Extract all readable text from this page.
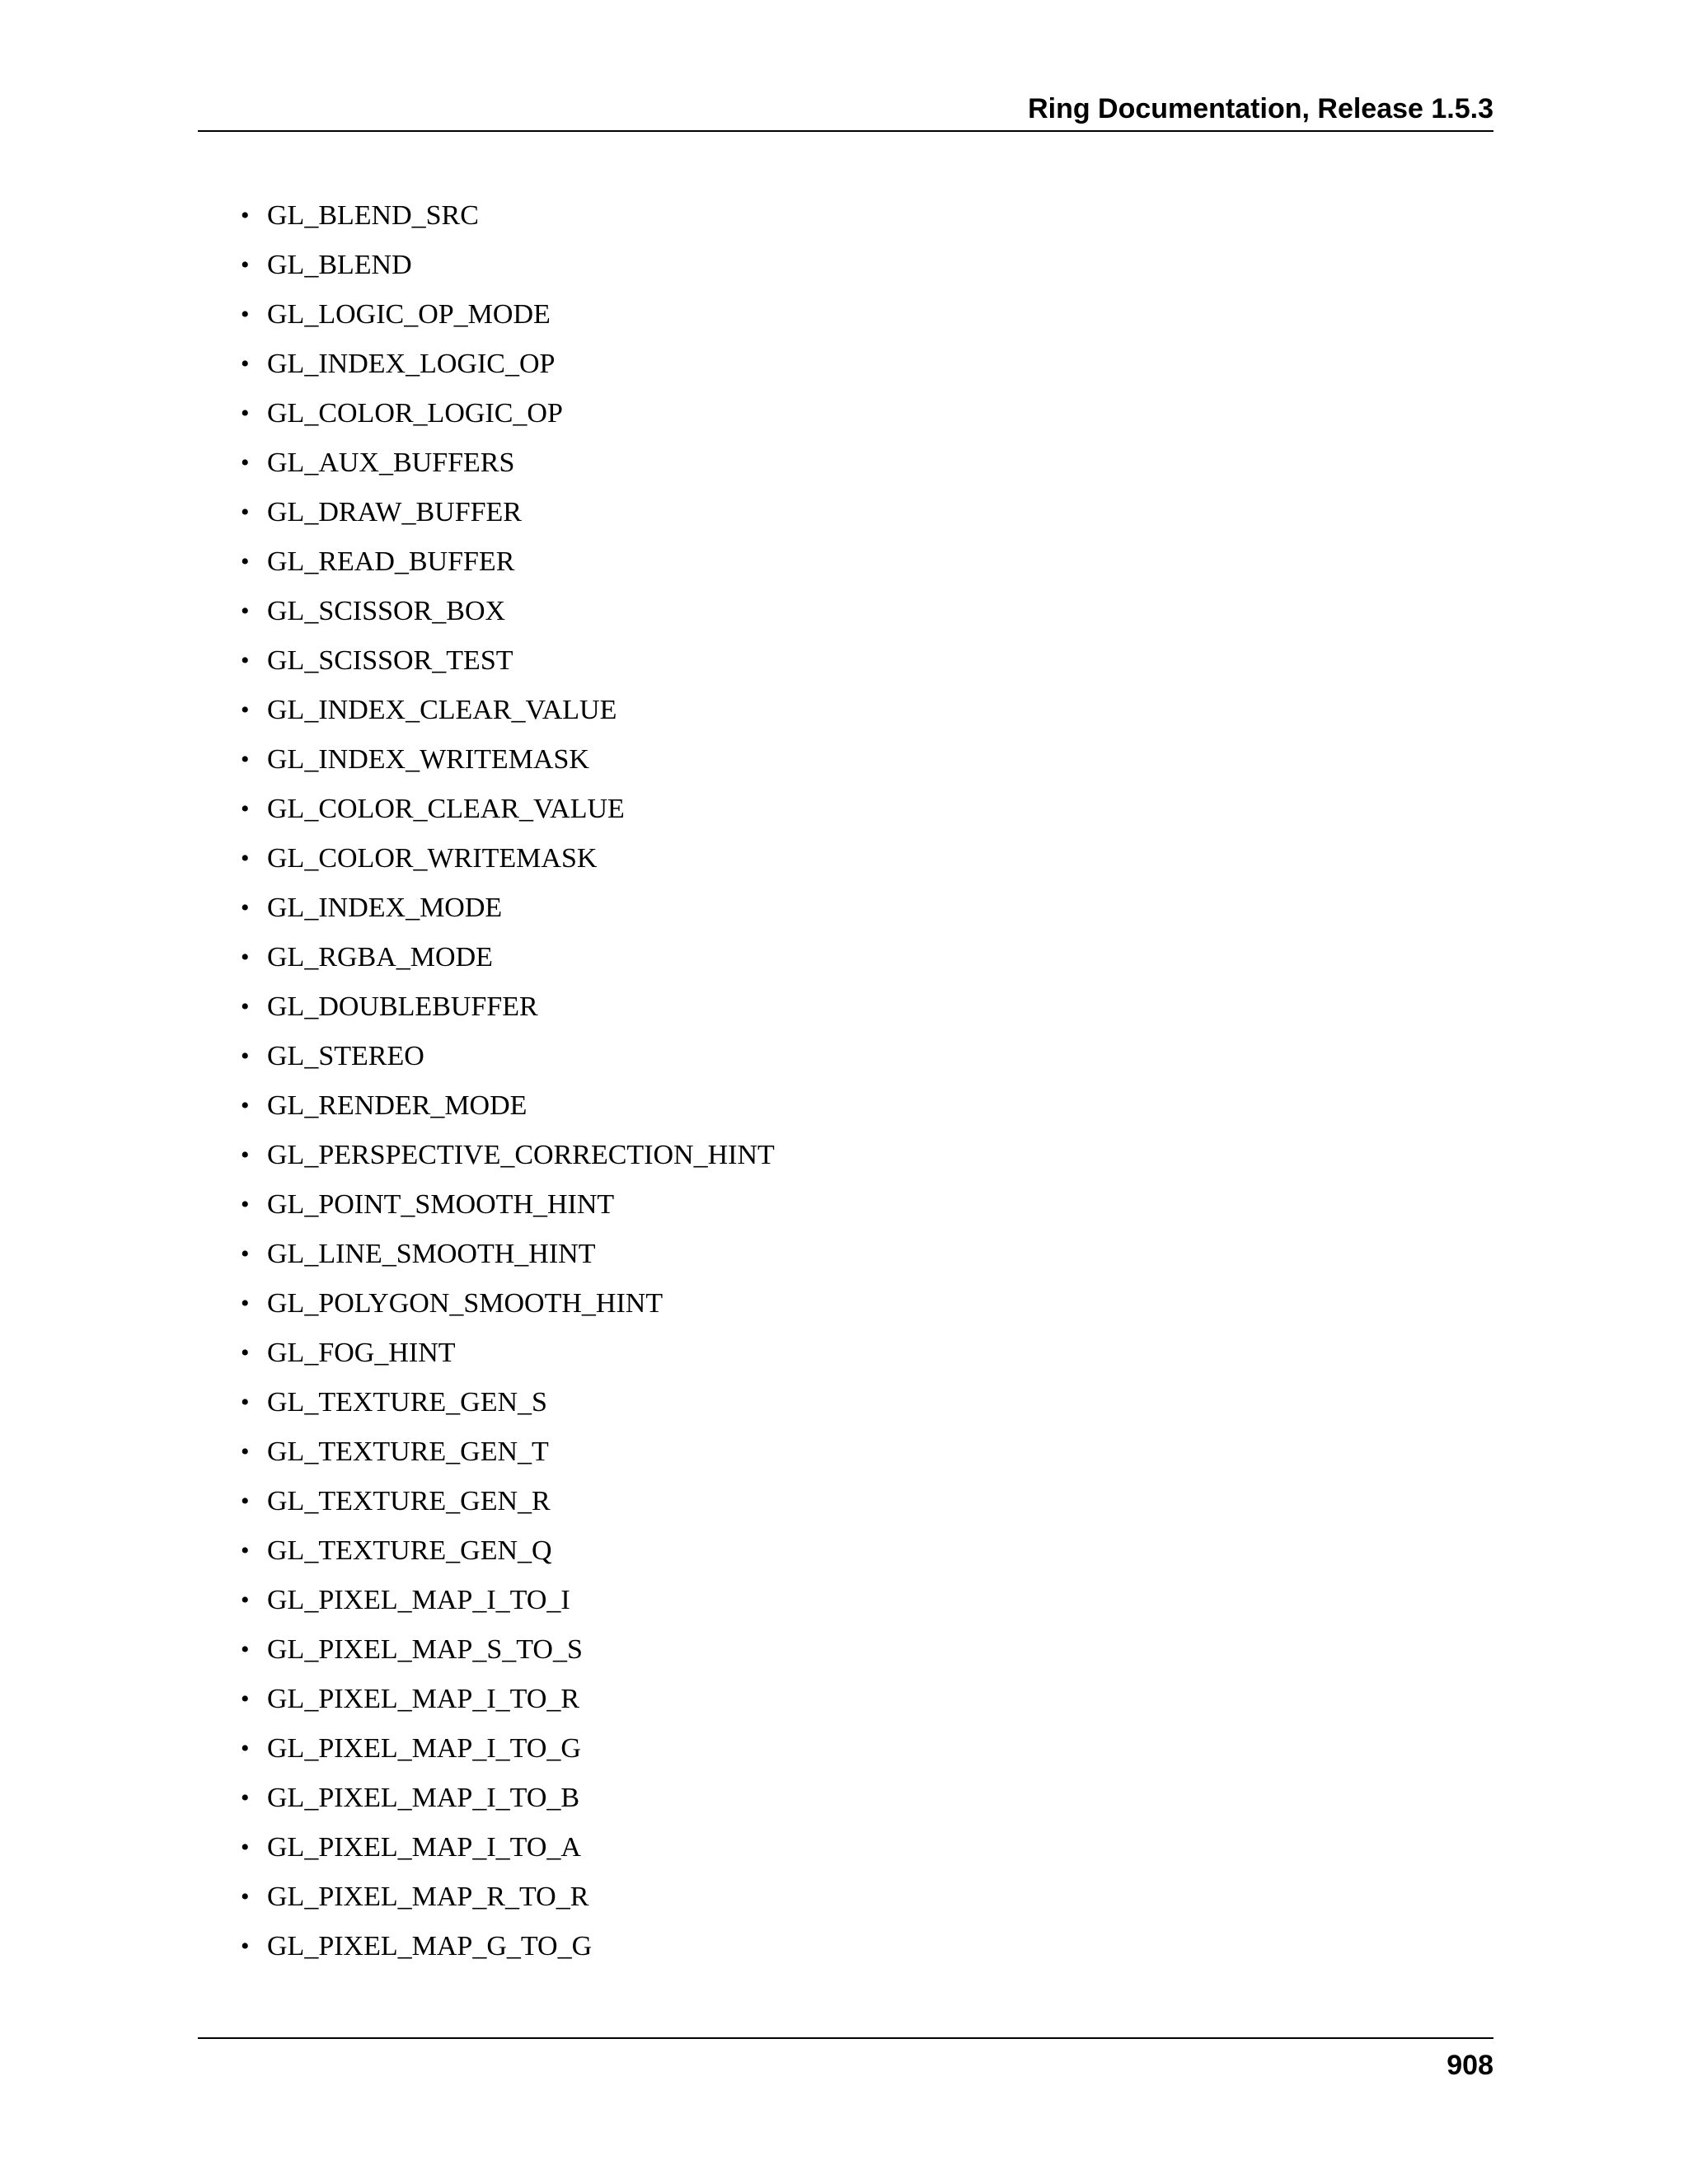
Ring Documentation, Release 1.5.3
• GL_BLEND_SRC
• GL_BLEND
• GL_LOGIC_OP_MODE
• GL_INDEX_LOGIC_OP
• GL_COLOR_LOGIC_OP
• GL_AUX_BUFFERS
• GL_DRAW_BUFFER
• GL_READ_BUFFER
• GL_SCISSOR_BOX
• GL_SCISSOR_TEST
• GL_INDEX_CLEAR_VALUE
• GL_INDEX_WRITEMASK
• GL_COLOR_CLEAR_VALUE
• GL_COLOR_WRITEMASK
• GL_INDEX_MODE
• GL_RGBA_MODE
• GL_DOUBLEBUFFER
• GL_STEREO
• GL_RENDER_MODE
• GL_PERSPECTIVE_CORRECTION_HINT
• GL_POINT_SMOOTH_HINT
• GL_LINE_SMOOTH_HINT
• GL_POLYGON_SMOOTH_HINT
• GL_FOG_HINT
• GL_TEXTURE_GEN_S
• GL_TEXTURE_GEN_T
• GL_TEXTURE_GEN_R
• GL_TEXTURE_GEN_Q
• GL_PIXEL_MAP_I_TO_I
• GL_PIXEL_MAP_S_TO_S
• GL_PIXEL_MAP_I_TO_R
• GL_PIXEL_MAP_I_TO_G
• GL_PIXEL_MAP_I_TO_B
• GL_PIXEL_MAP_I_TO_A
• GL_PIXEL_MAP_R_TO_R
• GL_PIXEL_MAP_G_TO_G
908
